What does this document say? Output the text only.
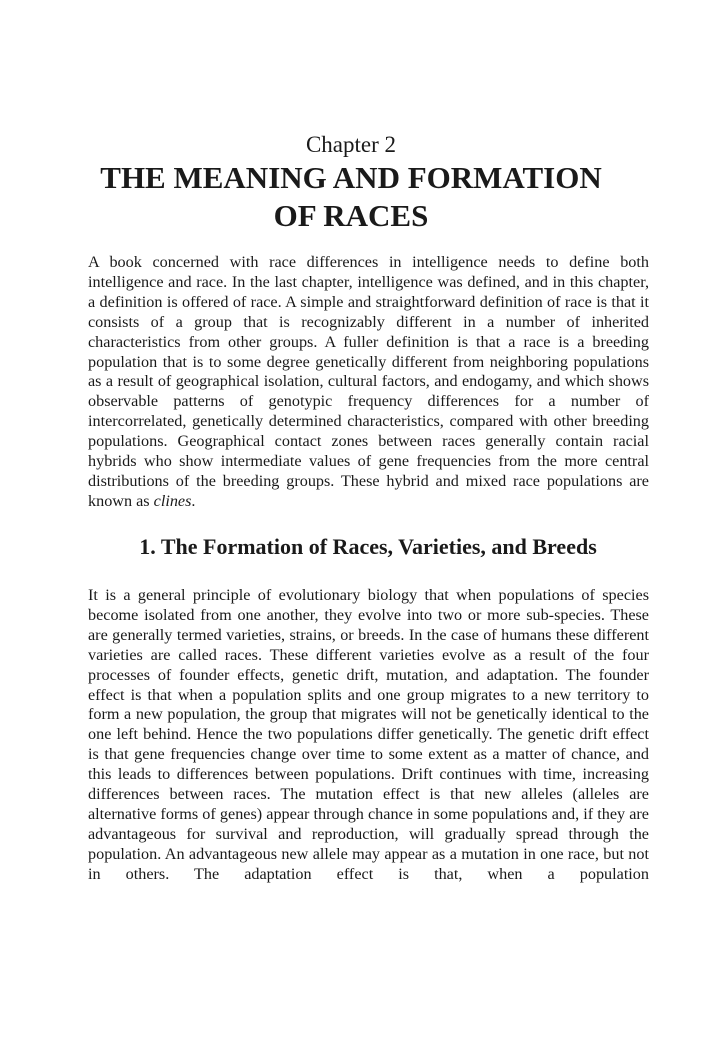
Chapter 2
THE MEANING AND FORMATION
OF RACES

A book concerned with race differences in intelligence needs to define both intelligence and race. In the last chapter, intelligence was defined, and in this chapter, a definition is offered of race. A simple and straightforward definition of race is that it consists of a group that is recognizably different in a number of inherited characteristics from other groups. A fuller definition is that a race is a breeding population that is to some degree genetically different from neighboring populations as a result of geographical isolation, cultural factors, and endogamy, and which shows observable patterns of genotypic frequency differences for a number of intercorrelated, genetically determined characteristics, compared with other breeding populations. Geographical contact zones between races generally contain racial hybrids who show intermediate values of gene frequencies from the more central distributions of the breeding groups. These hybrid and mixed race populations are known as clines.

1. The Formation of Races, Varieties, and Breeds

It is a general principle of evolutionary biology that when populations of species become isolated from one another, they evolve into two or more sub-species. These are generally termed varieties, strains, or breeds. In the case of humans these different varieties are called races. These different varieties evolve as a result of the four processes of founder effects, genetic drift, mutation, and adaptation. The founder effect is that when a population splits and one group migrates to a new territory to form a new population, the group that migrates will not be genetically identical to the one left behind. Hence the two populations differ genetically. The genetic drift effect is that gene frequencies change over time to some extent as a matter of chance, and this leads to differences between populations. Drift continues with time, increasing differences between races. The mutation effect is that new alleles (alleles are alternative forms of genes) appear through chance in some populations and, if they are advantageous for survival and reproduction, will gradually spread through the population. An advantageous new allele may appear as a mutation in one race, but not in others. The adaptation effect is that, when a population
